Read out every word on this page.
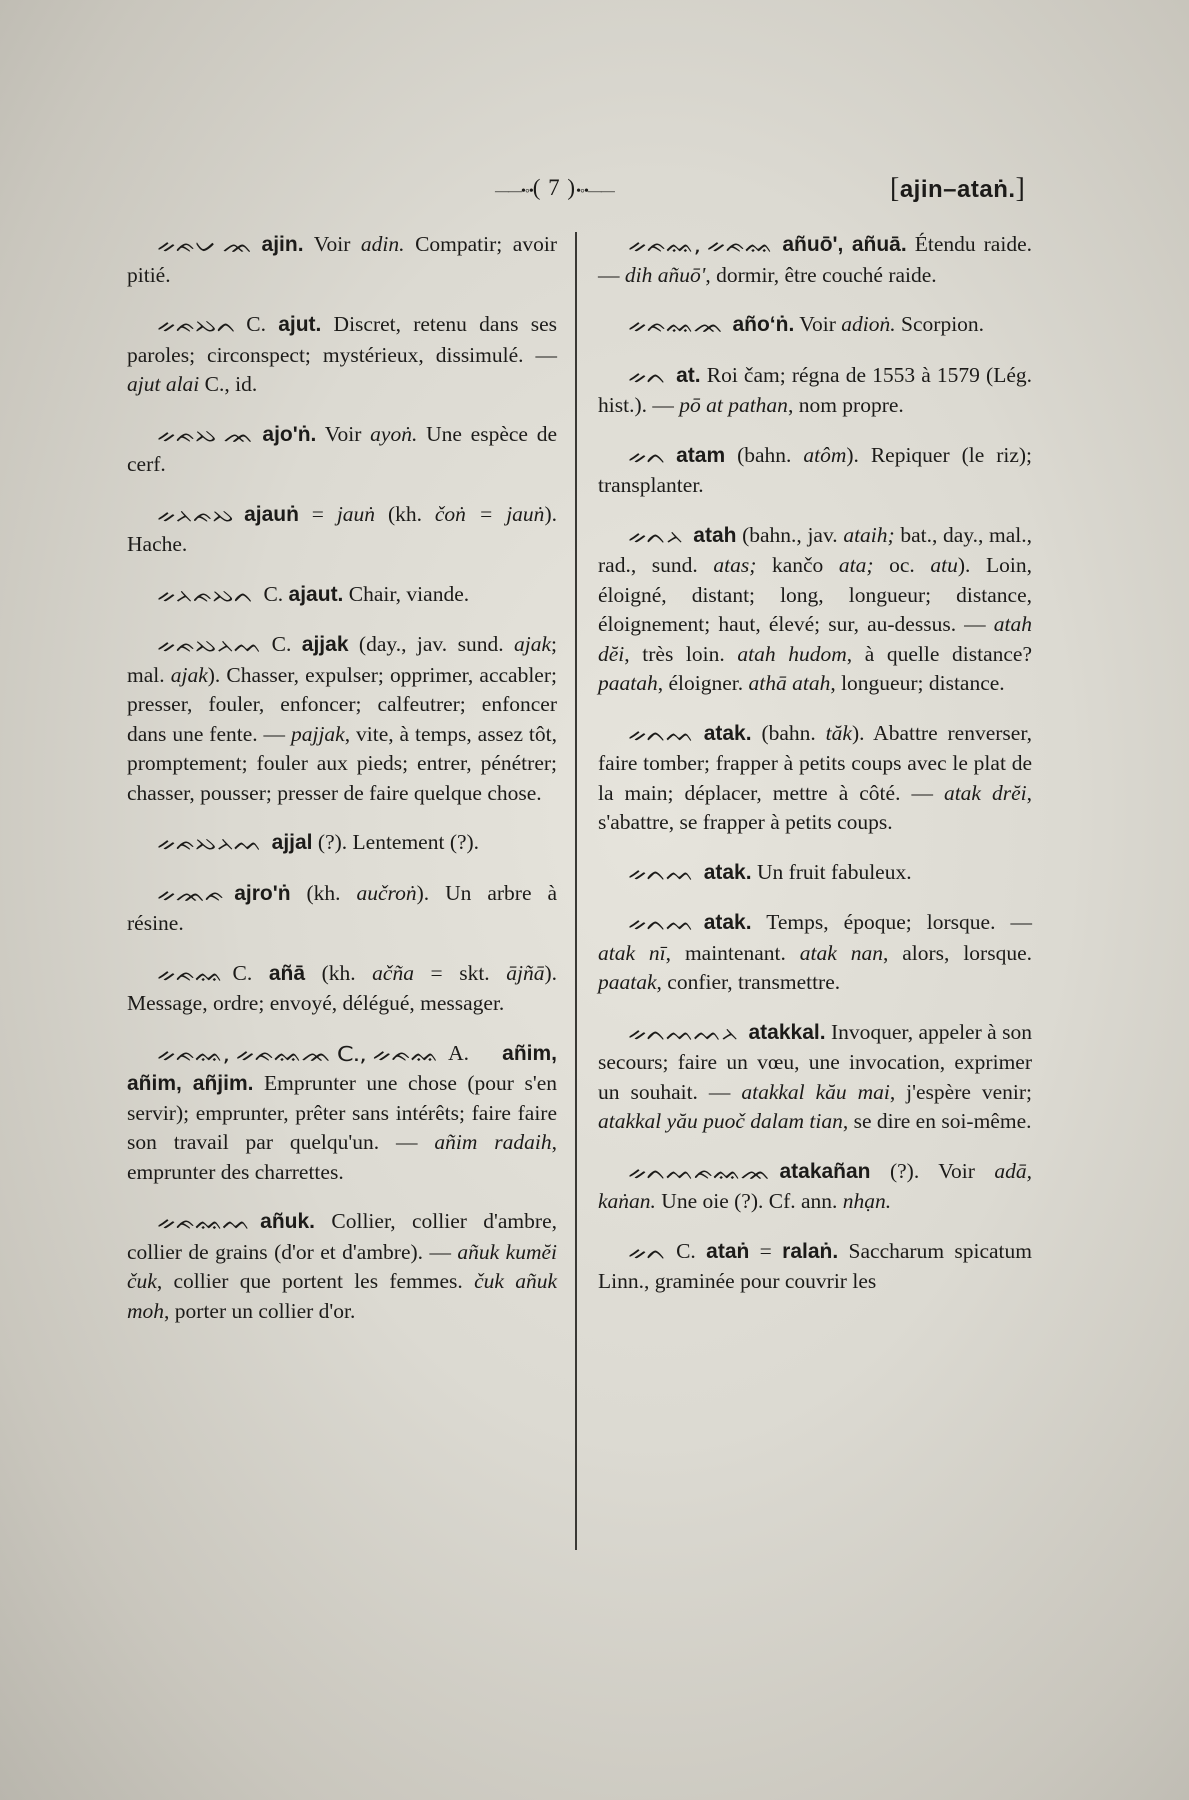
——•◦•( 7 )•◦•——	[ajin–ataṅ.]
ᨀᨃᨆ ᨏ ajin. Voir adin. Compatir; avoir pitié.
ᨀᨃᨇᨈ C. ajut. Discret, retenu dans ses paroles; circonspect; mystérieux, dissimulé. — ajut alai C., id.
ᨀᨃᨇ ᨏ ajo'ṅ. Voir ayoṅ. Une espèce de cerf.
ᨀᨂᨃᨇ ajauṅ = jauṅ (kh. čoṅ = jauṅ). Hache.
ᨀᨂᨃᨇᨈ C. ajaut. Chair, viande.
ᨀᨃᨇᨂᨓ C. ajjak (day., jav. sund. ajak; mal. ajak). Chasser, expulser; opprimer, accabler; presser, fouler, enfoncer; calfeutrer; enfoncer dans une fente. — pajjak, vite, à temps, assez tôt, promptement; fouler aux pieds; entrer, pénétrer; chasser, pousser; presser de faire quelque chose.
ᨀᨃᨇᨂᨓ ajjal (?). Lentement (?).
ᨀᨏᨃ ajro'ṅ (kh. aučroṅ). Un arbre à résine.
ᨀᨃᨐ C. añā (kh. ačña = skt. ājñā). Message, ordre; envoyé, délégué, messager.
ᨀᨃᨐ, ᨀᨃᨐᨏ C., ᨀᨃᨐ A. añim, añim, añjim. Emprunter une chose (pour s'en servir); emprunter, prêter sans intérêts; faire faire son travail par quelqu'un. — añim radaih, emprunter des charrettes.
ᨀᨃᨐᨓ añuk. Collier, collier d'ambre, collier de grains (d'or et d'ambre). — añuk kumĕi čuk, collier que portent les femmes. čuk añuk moh, porter un collier d'or.
ᨀᨃᨐ, ᨀᨃᨐ añuō', añuā. Étendu raide. — dih añuō', dormir, être couché raide.
ᨀᨃᨐᨏ añoʻṅ. Voir adioṅ. Scorpion.
ᨀᨈ at. Roi čam; régna de 1553 à 1579 (Lég. hist.). — pō at pathan, nom propre.
ᨀᨈ atam (bahn. atôm). Repiquer (le riz); transplanter.
ᨀᨈᨂ atah (bahn., jav. ataih; bat., day., mal., rad., sund. atas; kančo ata; oc. atu). Loin, éloigné, distant; long, longueur; distance, éloignement; haut, élevé; sur, au-dessus. — atah dĕi, très loin. atah hudom, à quelle distance? paatah, éloigner. athā atah, longueur; distance.
ᨀᨈᨓ atak. (bahn. tăk). Abattre renverser, faire tomber; frapper à petits coups avec le plat de la main; déplacer, mettre à côté. — atak drĕi, s'abattre, se frapper à petits coups.
ᨀᨈᨓ atak. Un fruit fabuleux.
ᨀᨈᨓ atak. Temps, époque; lorsque. — atak nī, maintenant. atak nan, alors, lorsque. paatak, confier, transmettre.
ᨀᨈᨓᨓᨂ atakkal. Invoquer, appeler à son secours; faire un vœu, une invocation, exprimer un souhait. — atakkal kău mai, j'espère venir; atakkal yău puoč dalam tian, se dire en soi-même.
ᨀᨈᨓᨃᨐᨏ atakañan (?). Voir adā, kaṅan. Une oie (?). Cf. ann. nhạn.
ᨀᨈ C. ataṅ = ralaṅ. Saccharum spicatum Linn., graminée pour couvrir les
